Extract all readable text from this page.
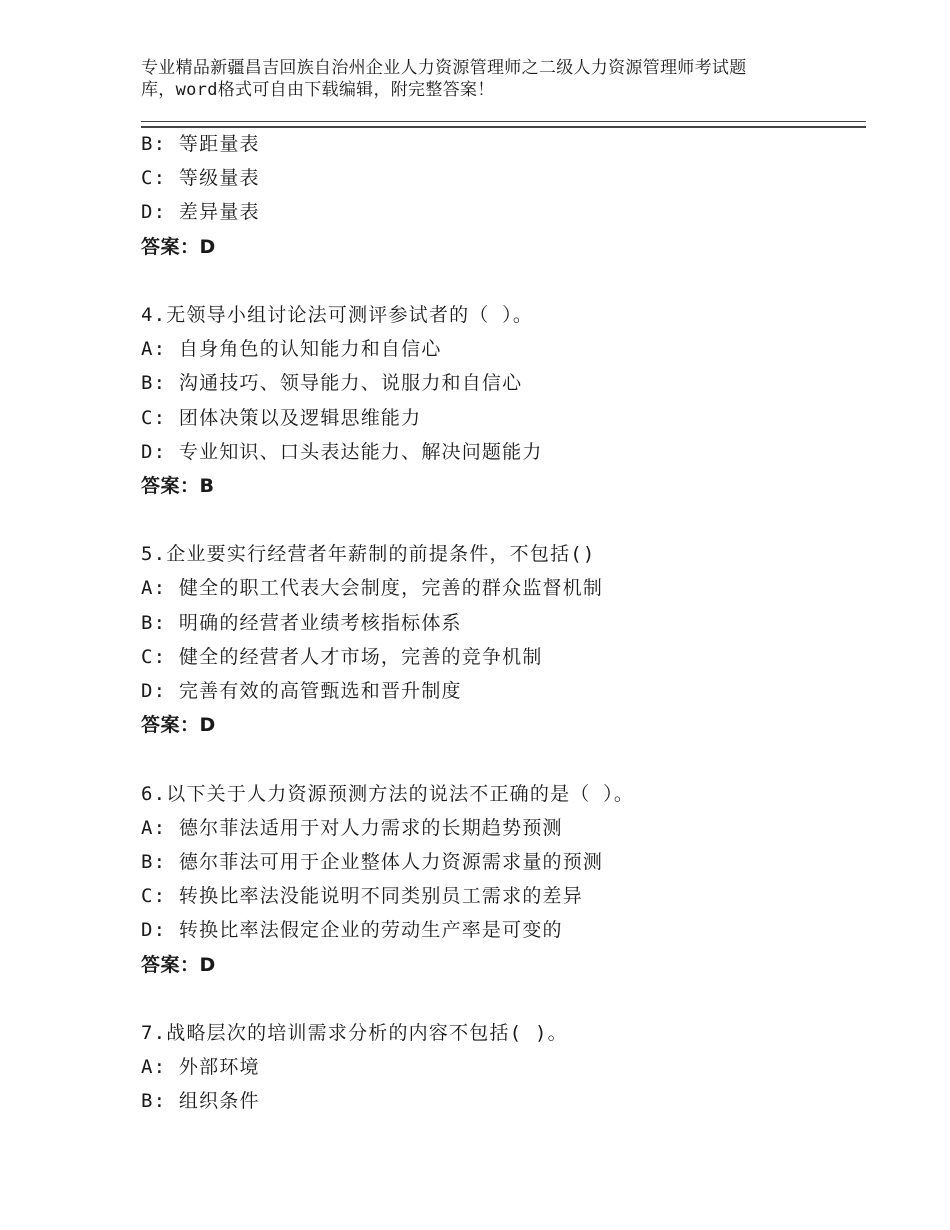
专业精品新疆昌吉回族自治州企业人力资源管理师之二级人力资源管理师考试题
库，word格式可自由下载编辑，附完整答案！
B: 等距量表
C: 等级量表
D: 差异量表
答案：D
4.无领导小组讨论法可测评参试者的（ ）。
A: 自身角色的认知能力和自信心
B: 沟通技巧、领导能力、说服力和自信心
C: 团体决策以及逻辑思维能力
D: 专业知识、口头表达能力、解决问题能力
答案：B
5.企业要实行经营者年薪制的前提条件，不包括()
A: 健全的职工代表大会制度，完善的群众监督机制
B: 明确的经营者业绩考核指标体系
C: 健全的经营者人才市场，完善的竞争机制
D: 完善有效的高管甄选和晋升制度
答案：D
6.以下关于人力资源预测方法的说法不正确的是（ ）。
A: 德尔菲法适用于对人力需求的长期趋势预测
B: 德尔菲法可用于企业整体人力资源需求量的预测
C: 转换比率法没能说明不同类别员工需求的差异
D: 转换比率法假定企业的劳动生产率是可变的
答案：D
7.战略层次的培训需求分析的内容不包括( )。
A: 外部环境
B: 组织条件
